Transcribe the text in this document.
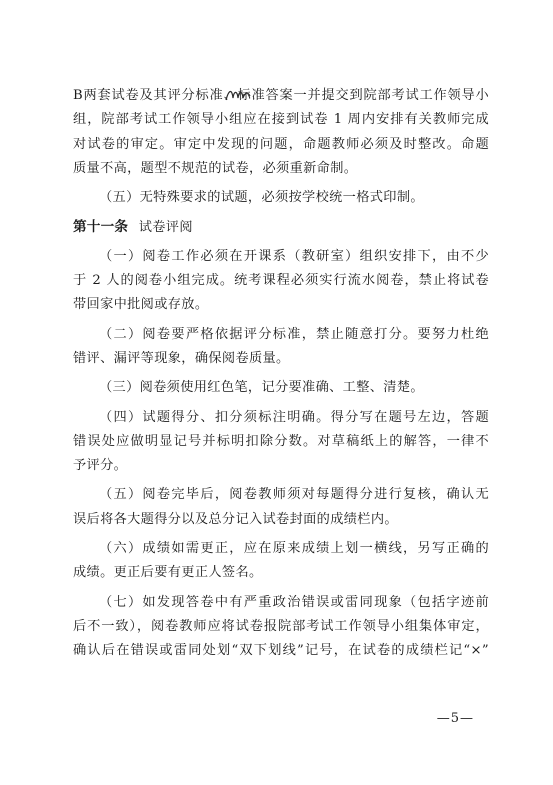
B两套试卷及其评分标准、标准答案一并提交到院部考试工作领导小
组，院部考试工作领导小组应在接到试卷 1 周内安排有关教师完成
对试卷的审定。审定中发现的问题，命题教师必须及时整改。命题
质量不高，题型不规范的试卷，必须重新命制。
（五）无特殊要求的试题，必须按学校统一格式印制。
第十一条 试卷评阅
（一）阅卷工作必须在开课系（教研室）组织安排下，由不少
于 2 人的阅卷小组完成。统考课程必须实行流水阅卷，禁止将试卷
带回家中批阅或存放。
（二）阅卷要严格依据评分标准，禁止随意打分。要努力杜绝
错评、漏评等现象，确保阅卷质量。
（三）阅卷须使用红色笔，记分要准确、工整、清楚。
（四）试题得分、扣分须标注明确。得分写在题号左边，答题
错误处应做明显记号并标明扣除分数。对草稿纸上的解答，一律不
予评分。
（五）阅卷完毕后，阅卷教师须对每题得分进行复核，确认无
误后将各大题得分以及总分记入试卷封面的成绩栏内。
（六）成绩如需更正，应在原来成绩上划一横线，另写正确的
成绩。更正后要有更正人签名。
（七）如发现答卷中有严重政治错误或雷同现象（包括字迹前
后不一致），阅卷教师应将试卷报院部考试工作领导小组集体审定，
确认后在错误或雷同处划“双下划线”记号，在试卷的成绩栏记“×”
—5—
